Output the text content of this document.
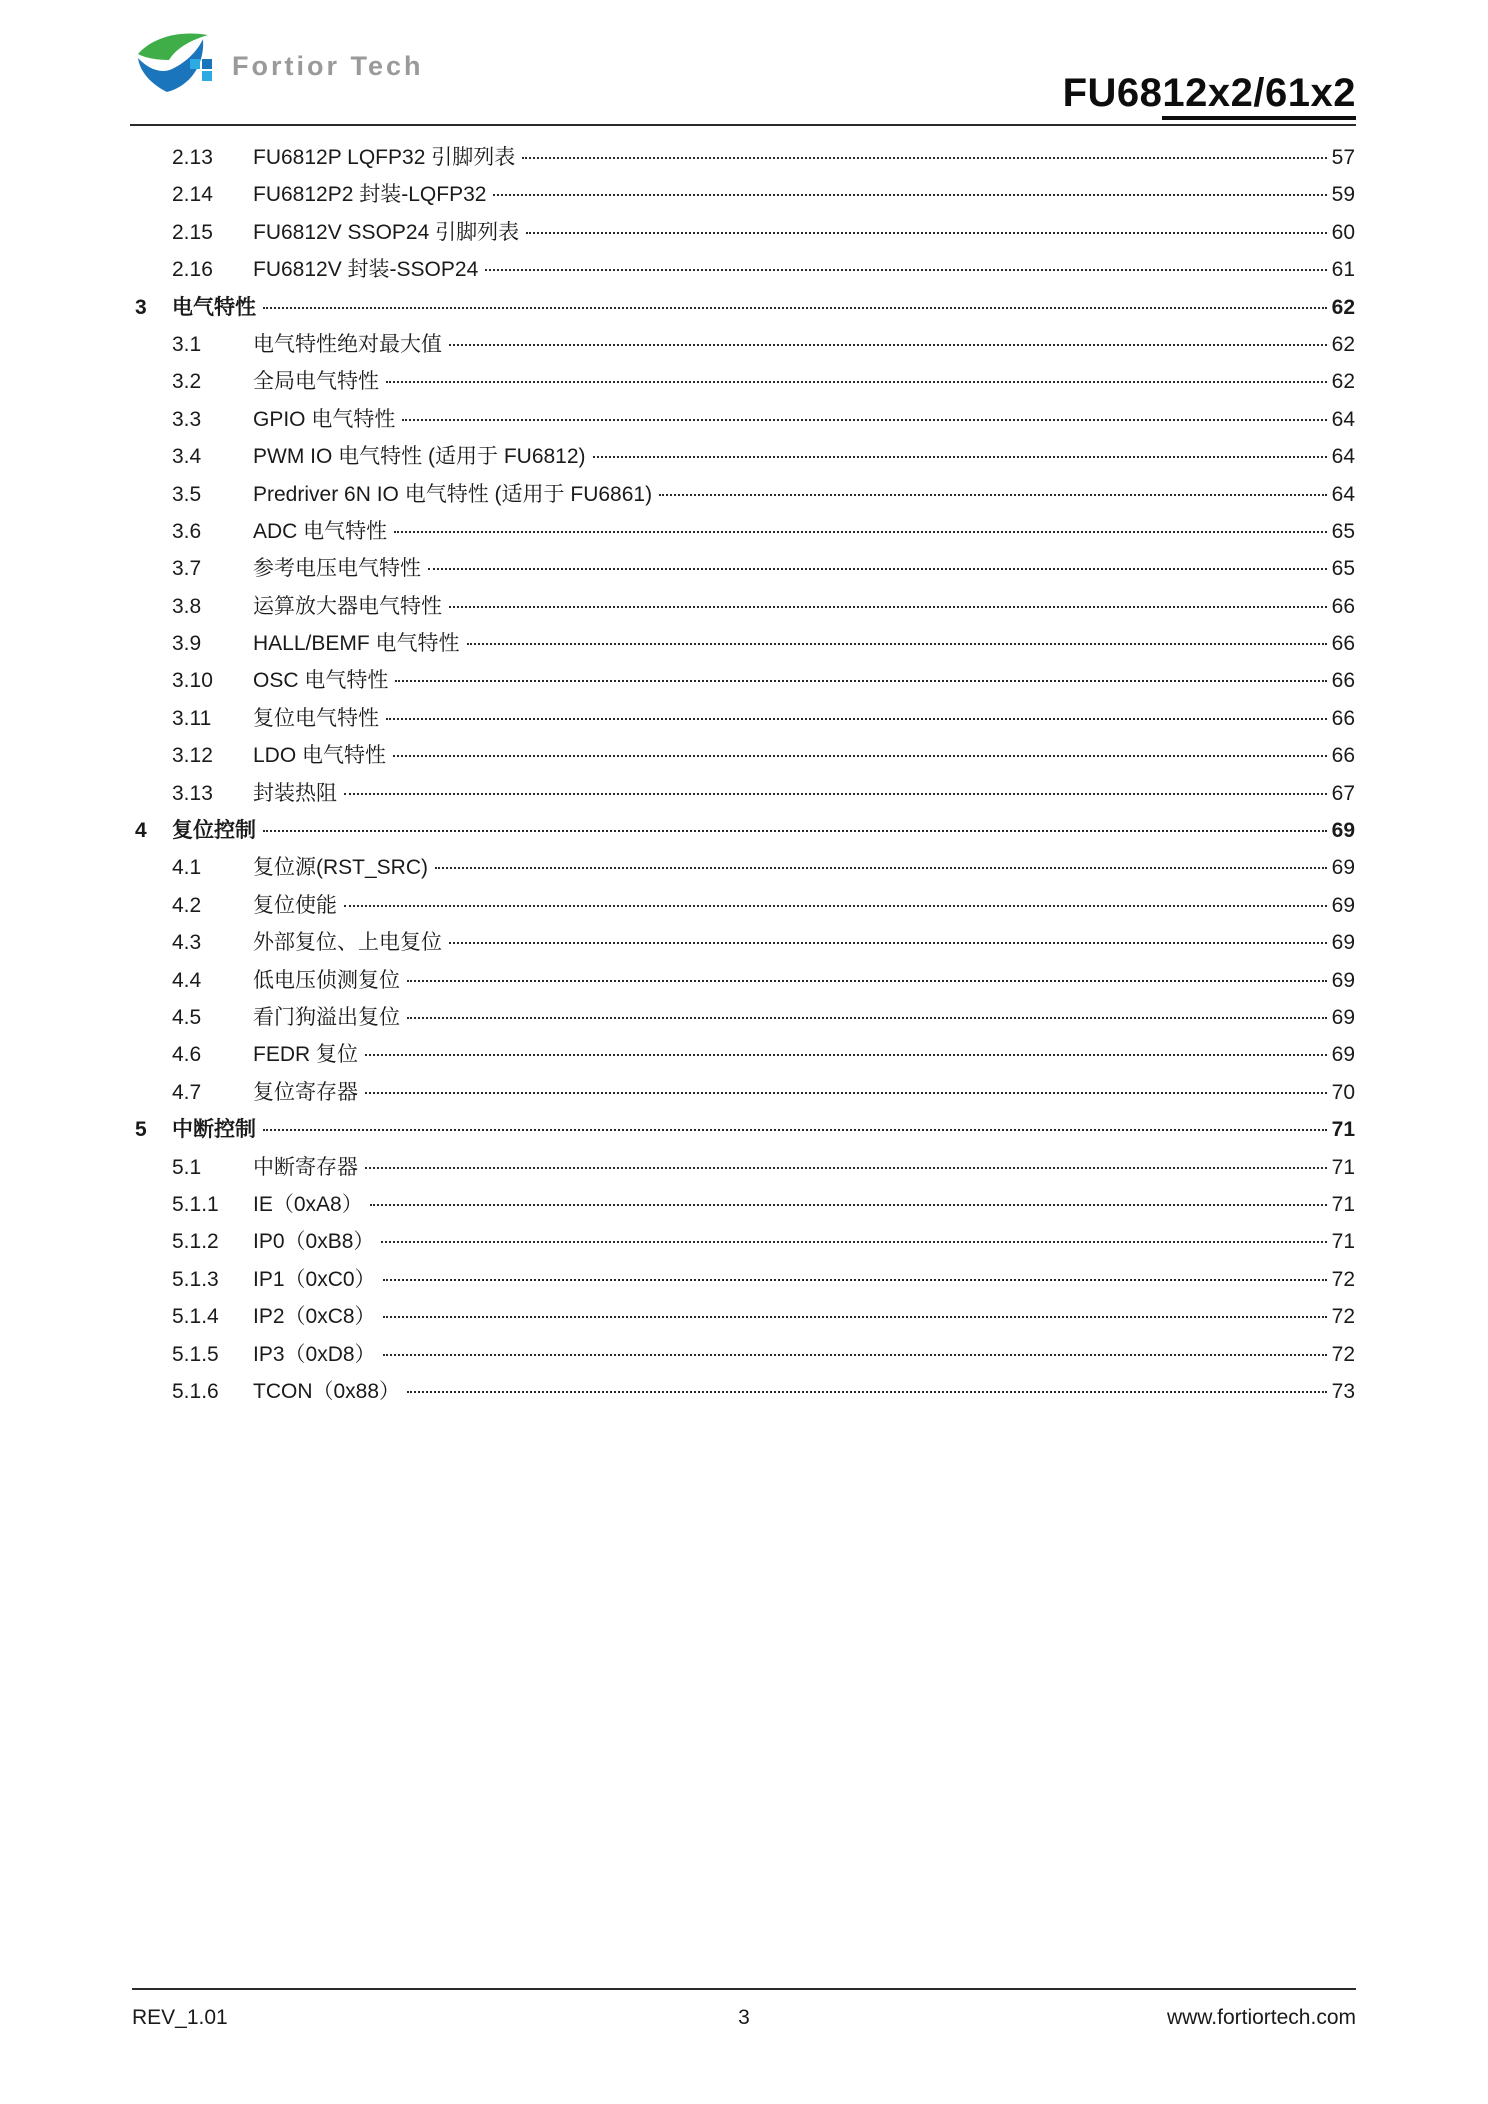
Fortior Tech
FU6812x2/61x2
2.13	FU6812P LQFP32 引脚列表	57
2.14	FU6812P2 封装-LQFP32	59
2.15	FU6812V SSOP24 引脚列表	60
2.16	FU6812V 封装-SSOP24	61
3	电气特性	62
3.1	电气特性绝对最大值	62
3.2	全局电气特性	62
3.3	GPIO 电气特性	64
3.4	PWM IO 电气特性 (适用于 FU6812)	64
3.5	Predriver 6N IO 电气特性 (适用于 FU6861)	64
3.6	ADC 电气特性	65
3.7	参考电压电气特性	65
3.8	运算放大器电气特性	66
3.9	HALL/BEMF 电气特性	66
3.10	OSC 电气特性	66
3.11	复位电气特性	66
3.12	LDO 电气特性	66
3.13	封装热阻	67
4	复位控制	69
4.1	复位源(RST_SRC)	69
4.2	复位使能	69
4.3	外部复位、上电复位	69
4.4	低电压侦测复位	69
4.5	看门狗溢出复位	69
4.6	FEDR 复位	69
4.7	复位寄存器	70
5	中断控制	71
5.1	中断寄存器	71
5.1.1	IE（0xA8）	71
5.1.2	IP0（0xB8）	71
5.1.3	IP1（0xC0）	72
5.1.4	IP2（0xC8）	72
5.1.5	IP3（0xD8）	72
5.1.6	TCON（0x88）	73
REV_1.01	3	www.fortiortech.com
